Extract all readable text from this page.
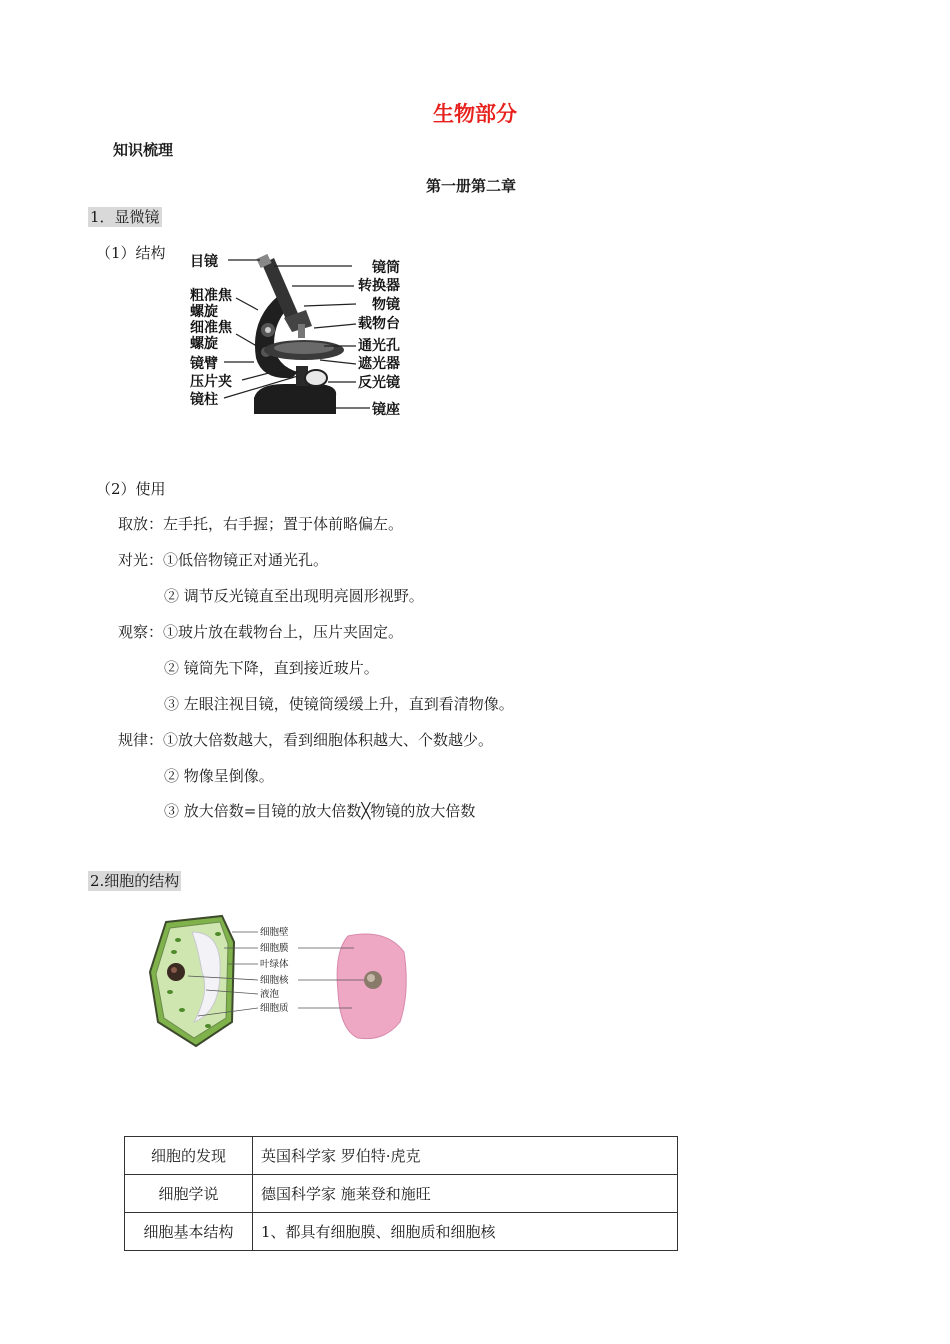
生物部分
知识梳理
第一册第二章
1．显微镜
（1）结构 目镜
粗准焦
螺旋
细准焦
螺旋
镜臂
压片夹
镜柱
镜筒
转换器
物镜
载物台
通光孔
遮光器
反光镜
镜座
（2）使用
取放：左手托，右手握；置于体前略偏左。
对光：①低倍物镜正对通光孔。
② 调节反光镜直至出现明亮圆形视野。
观察：①玻片放在载物台上，压片夹固定。
② 镜筒先下降，直到接近玻片。
③ 左眼注视目镜，使镜筒缓缓上升，直到看清物像。
规律：①放大倍数越大，看到细胞体积越大、个数越少。
② 物像呈倒像。
③ 放大倍数=目镜的放大倍数╳物镜的放大倍数
2.细胞的结构
细胞壁
细胞膜
叶绿体
细胞核
液泡
细胞质
细胞的发现	英国科学家 罗伯特·虎克
细胞学说	德国科学家 施莱登和施旺
细胞基本结构	1、都具有细胞膜、细胞质和细胞核
